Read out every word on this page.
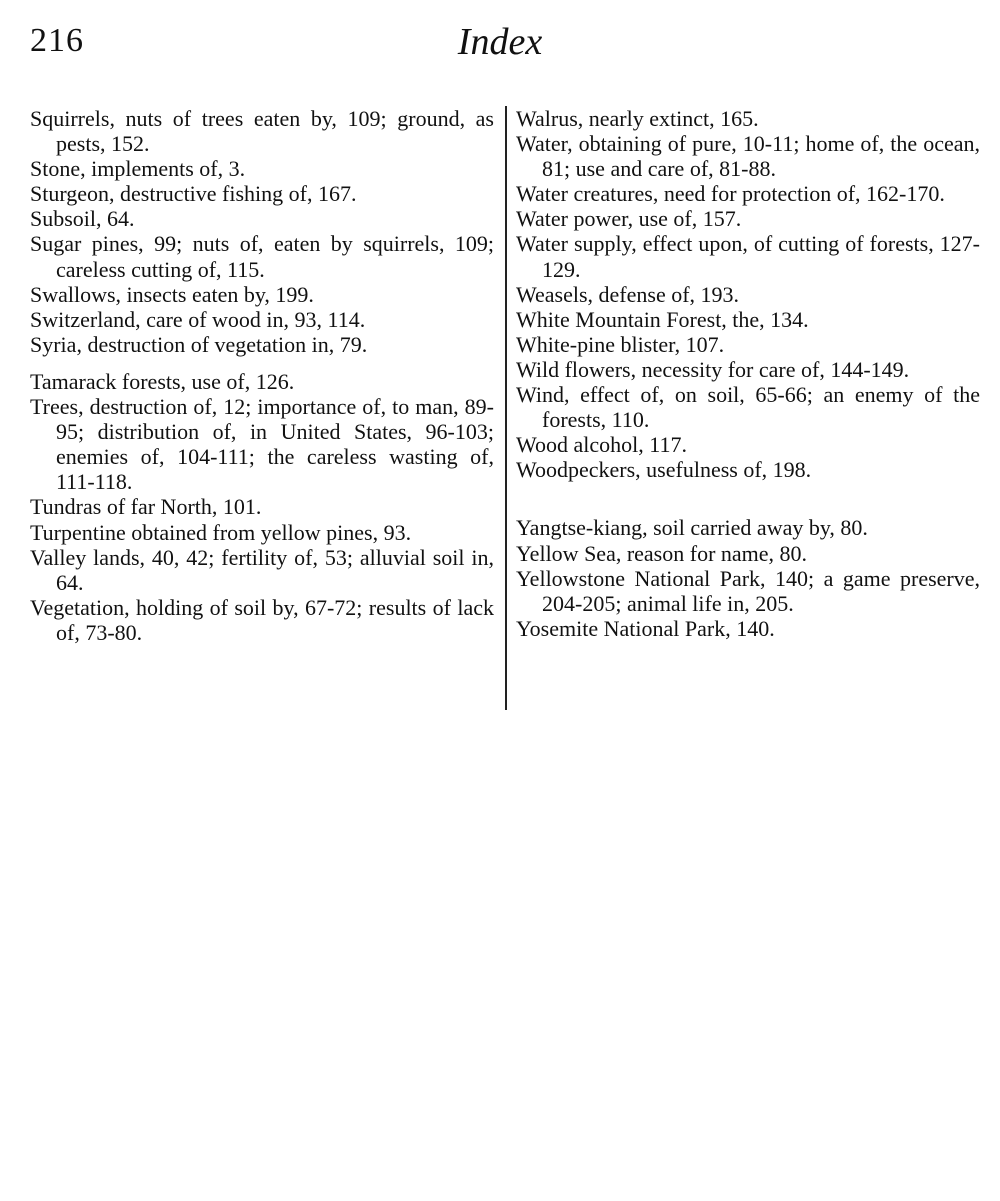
216	Index
Squirrels, nuts of trees eaten by, 109; ground, as pests, 152.
Stone, implements of, 3.
Sturgeon, destructive fishing of, 167.
Subsoil, 64.
Sugar pines, 99; nuts of, eaten by squirrels, 109; careless cutting of, 115.
Swallows, insects eaten by, 199.
Switzerland, care of wood in, 93, 114.
Syria, destruction of vegetation in, 79.
Tamarack forests, use of, 126.
Trees, destruction of, 12; importance of, to man, 89-95; distribution of, in United States, 96-103; enemies of, 104-111; the careless wasting of, 111-118.
Tundras of far North, 101.
Turpentine obtained from yellow pines, 93.
Valley lands, 40, 42; fertility of, 53; alluvial soil in, 64.
Vegetation, holding of soil by, 67-72; results of lack of, 73-80.
Walrus, nearly extinct, 165.
Water, obtaining of pure, 10-11; home of, the ocean, 81; use and care of, 81-88.
Water creatures, need for protection of, 162-170.
Water power, use of, 157.
Water supply, effect upon, of cutting of forests, 127-129.
Weasels, defense of, 193.
White Mountain Forest, the, 134.
White-pine blister, 107.
Wild flowers, necessity for care of, 144-149.
Wind, effect of, on soil, 65-66; an enemy of the forests, 110.
Wood alcohol, 117.
Woodpeckers, usefulness of, 198.
Yangtse-kiang, soil carried away by, 80.
Yellow Sea, reason for name, 80.
Yellowstone National Park, 140; a game preserve, 204-205; animal life in, 205.
Yosemite National Park, 140.
